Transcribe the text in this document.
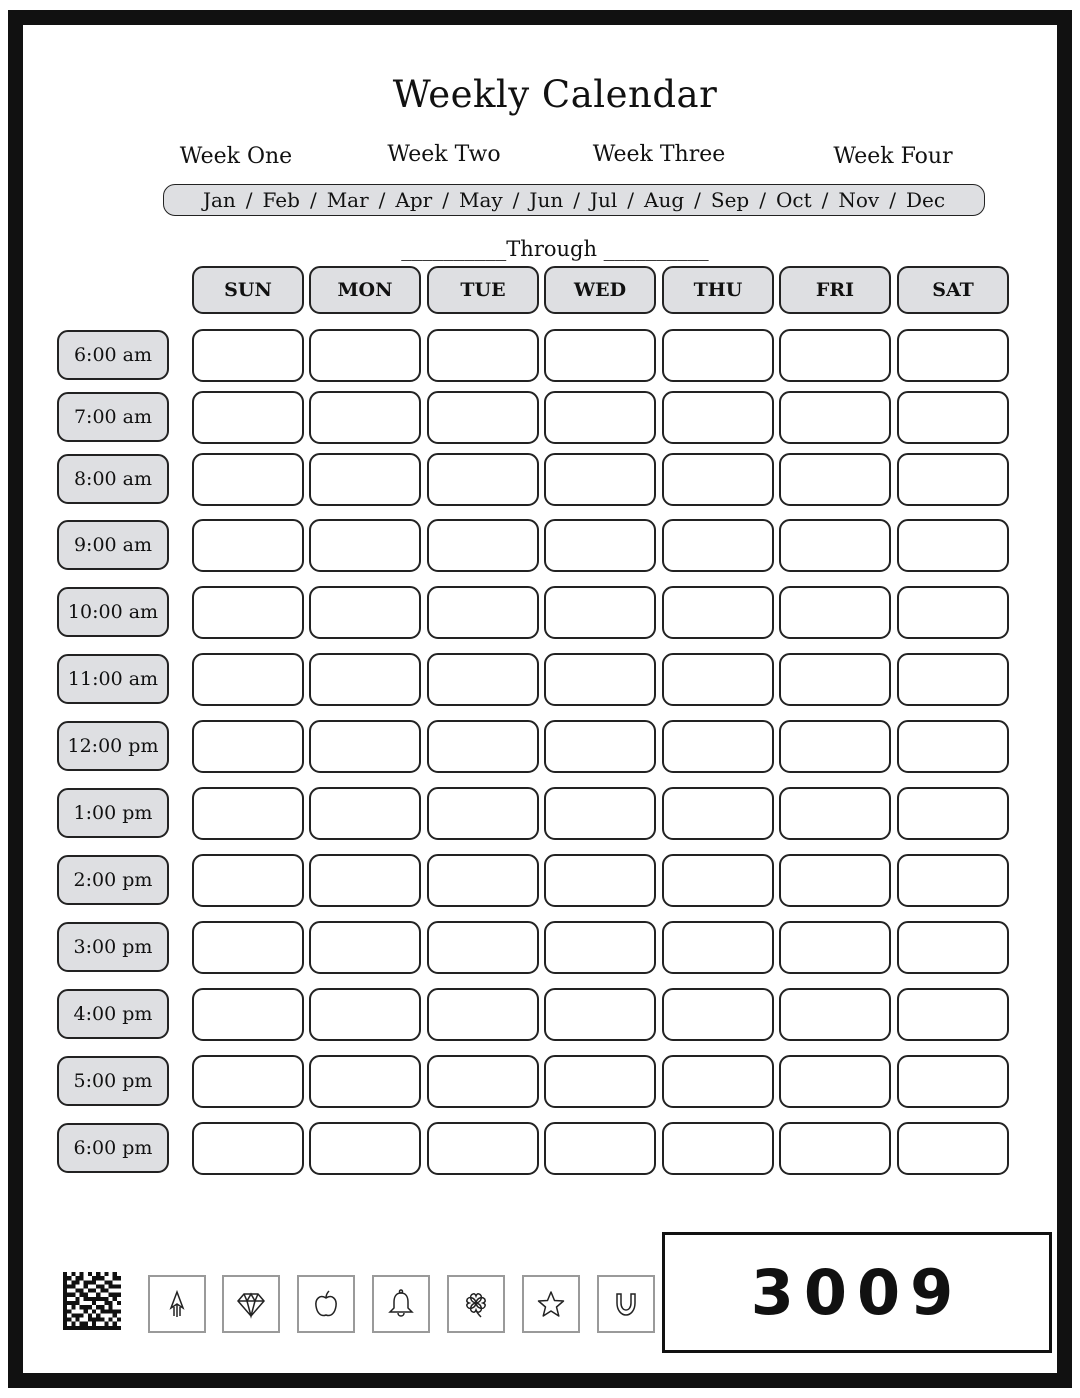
Weekly Calendar
Week One	Week Two	Week Three	Week Four
Jan / Feb / Mar / Apr / May / Jun / Jul / Aug / Sep / Oct / Nov / Dec
__________Through __________
SUN	MON	TUE	WED	THU	FRI	SAT
6:00 am
7:00 am
8:00 am
9:00 am
10:00 am
11:00 am
12:00 pm
1:00 pm
2:00 pm
3:00 pm
4:00 pm
5:00 pm
6:00 pm
3009
